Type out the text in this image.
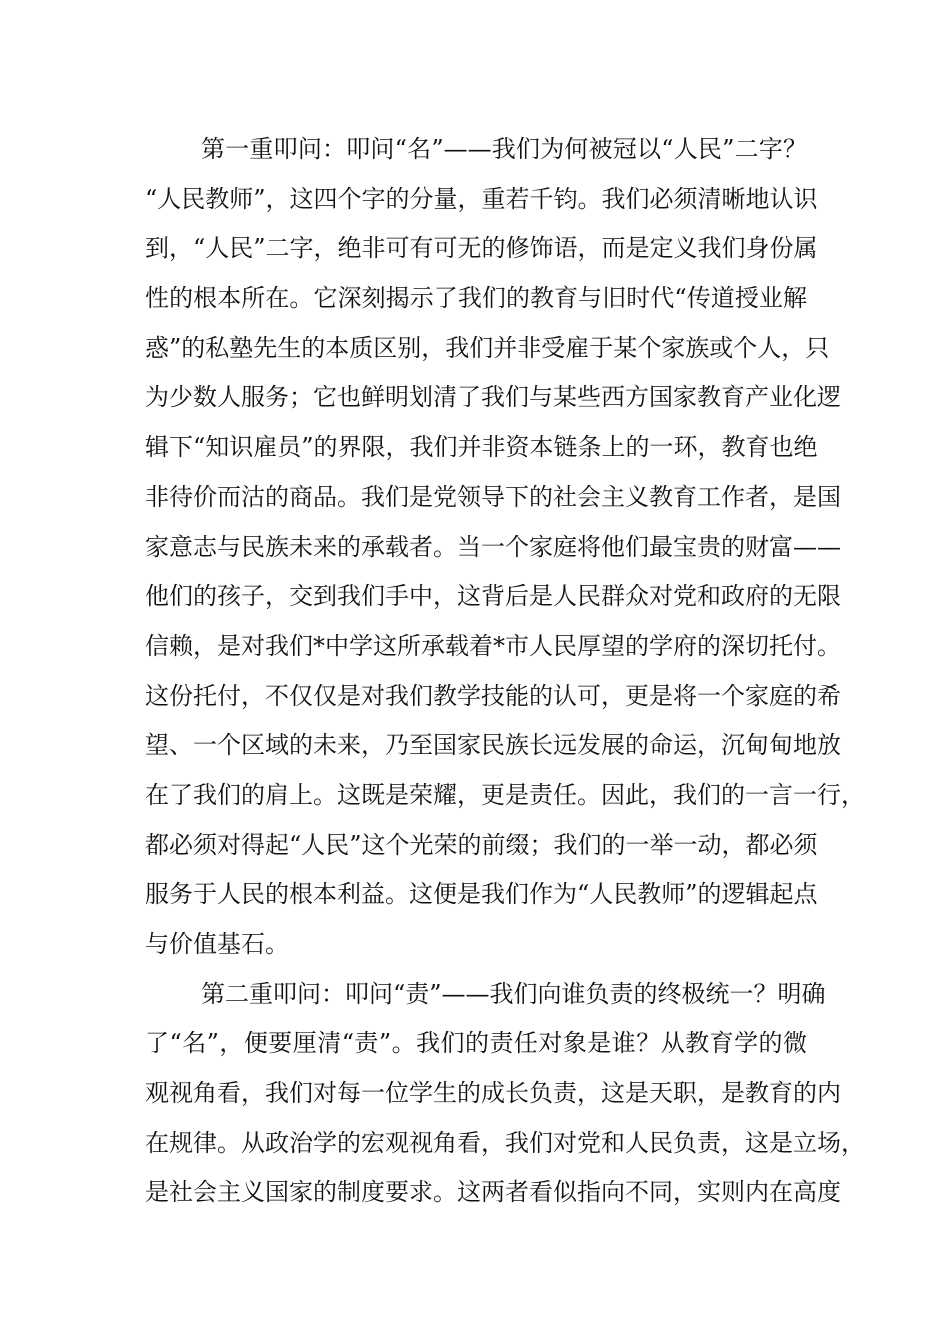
第一重叩问：叩问“名”——我们为何被冠以“人民”二字？
“人民教师”，这四个字的分量，重若千钧。我们必须清晰地认识
到，“人民”二字，绝非可有可无的修饰语，而是定义我们身份属
性的根本所在。它深刻揭示了我们的教育与旧时代“传道授业解
惑”的私塾先生的本质区别，我们并非受雇于某个家族或个人，只
为少数人服务；它也鲜明划清了我们与某些西方国家教育产业化逻
辑下“知识雇员”的界限，我们并非资本链条上的一环，教育也绝
非待价而沽的商品。我们是党领导下的社会主义教育工作者，是国
家意志与民族未来的承载者。当一个家庭将他们最宝贵的财富——
他们的孩子，交到我们手中，这背后是人民群众对党和政府的无限
信赖，是对我们*中学这所承载着*市人民厚望的学府的深切托付。
这份托付，不仅仅是对我们教学技能的认可，更是将一个家庭的希
望、一个区域的未来，乃至国家民族长远发展的命运，沉甸甸地放
在了我们的肩上。这既是荣耀，更是责任。因此，我们的一言一行，
都必须对得起“人民”这个光荣的前缀；我们的一举一动，都必须
服务于人民的根本利益。这便是我们作为“人民教师”的逻辑起点
与价值基石。
第二重叩问：叩问“责”——我们向谁负责的终极统一？明确
了“名”，便要厘清“责”。我们的责任对象是谁？从教育学的微
观视角看，我们对每一位学生的成长负责，这是天职，是教育的内
在规律。从政治学的宏观视角看，我们对党和人民负责，这是立场，
是社会主义国家的制度要求。这两者看似指向不同，实则内在高度
